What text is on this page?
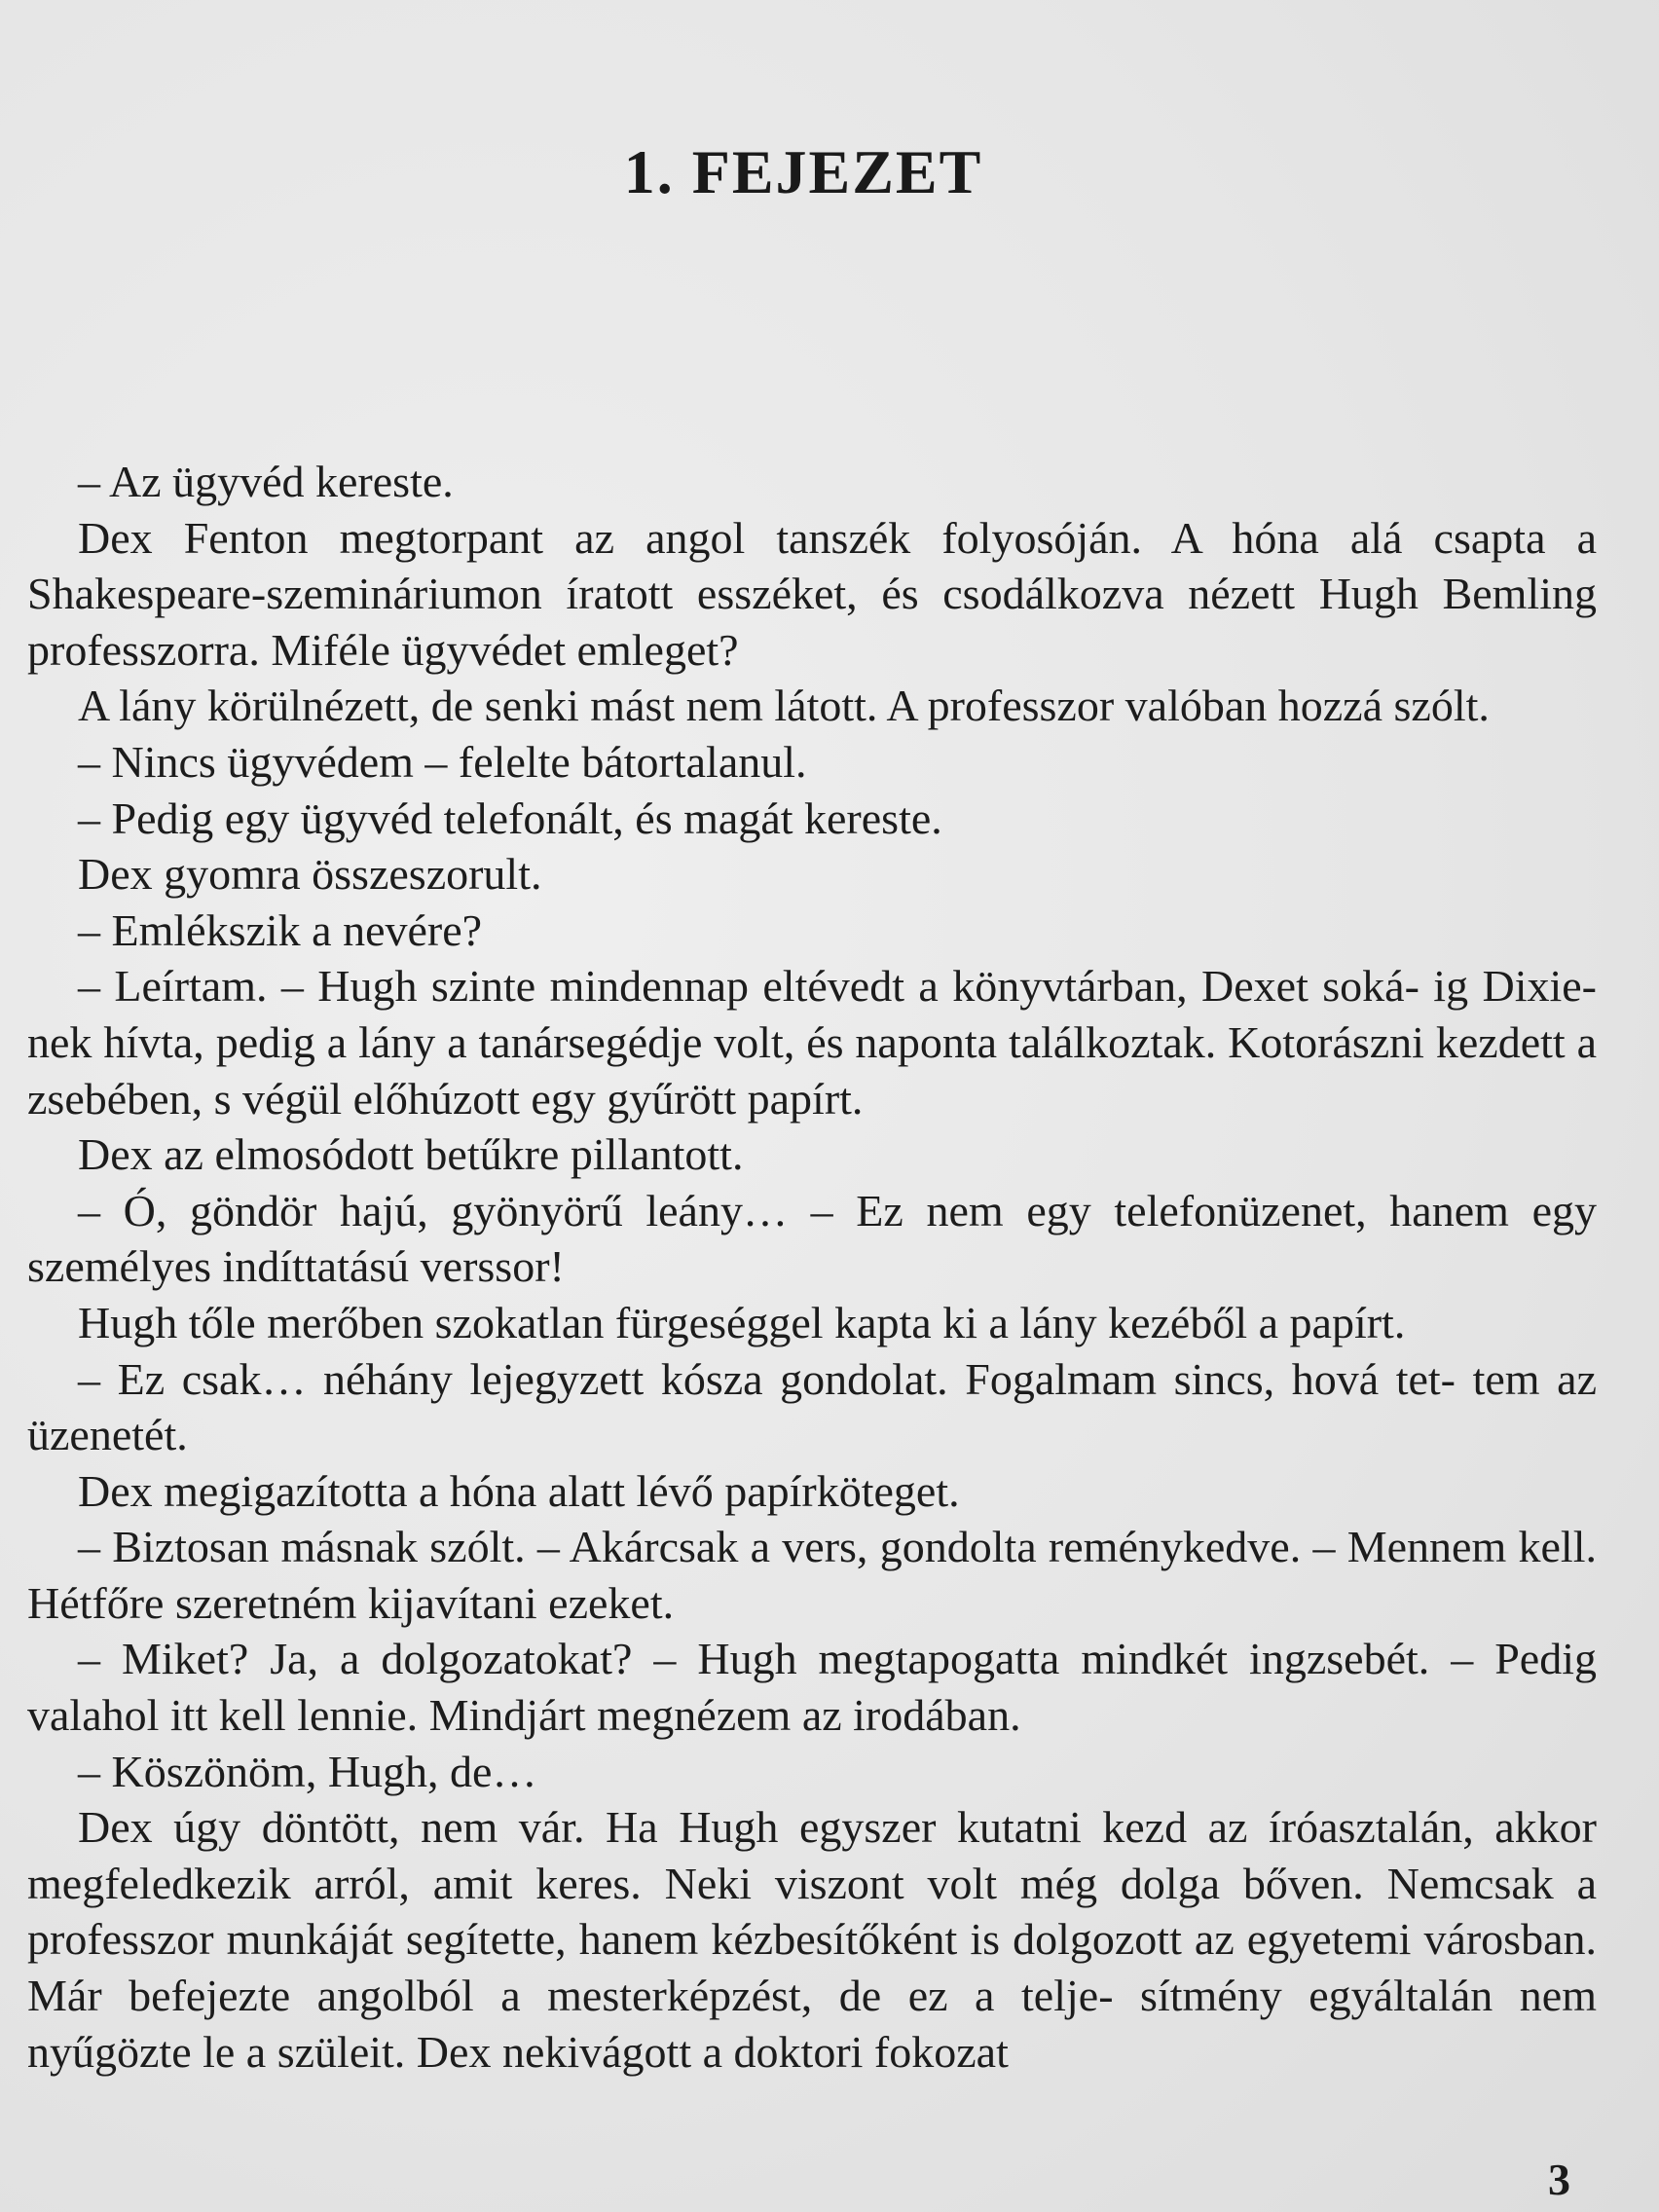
1. FEJEZET

– Az ügyvéd kereste.

Dex Fenton megtorpant az angol tanszék folyosóján. A hóna alá csapta a Shakespeare-szemináriumon íratott esszéket, és csodálkozva nézett Hugh Bemling professzorra. Miféle ügyvédet emleget?

A lány körülnézett, de senki mást nem látott. A professzor valóban hozzá szólt.

– Nincs ügyvédem – felelte bátortalanul.

– Pedig egy ügyvéd telefonált, és magát kereste.

Dex gyomra összeszorult.

– Emlékszik a nevére?

– Leírtam. – Hugh szinte mindennap eltévedt a könyvtárban, Dexet soká- ig Dixie-nek hívta, pedig a lány a tanársegédje volt, és naponta találkoztak. Kotorászni kezdett a zsebében, s végül előhúzott egy gyűrött papírt.

Dex az elmosódott betűkre pillantott.

– Ó, göndör hajú, gyönyörű leány… – Ez nem egy telefonüzenet, hanem egy személyes indíttatású verssor!

Hugh tőle merőben szokatlan fürgeséggel kapta ki a lány kezéből a papírt.

– Ez csak… néhány lejegyzett kósza gondolat. Fogalmam sincs, hová tet- tem az üzenetét.

Dex megigazította a hóna alatt lévő papírköteget.

– Biztosan másnak szólt. – Akárcsak a vers, gondolta reménykedve. – Mennem kell. Hétfőre szeretném kijavítani ezeket.

– Miket? Ja, a dolgozatokat? – Hugh megtapogatta mindkét ingzsebét. – Pedig valahol itt kell lennie. Mindjárt megnézem az irodában.

– Köszönöm, Hugh, de…

Dex úgy döntött, nem vár. Ha Hugh egyszer kutatni kezd az íróasztalán, akkor megfeledkezik arról, amit keres. Neki viszont volt még dolga bőven. Nemcsak a professzor munkáját segítette, hanem kézbesítőként is dolgozott az egyetemi városban. Már befejezte angolból a mesterképzést, de ez a telje- sítmény egyáltalán nem nyűgözte le a szüleit. Dex nekivágott a doktori fokozat

3
